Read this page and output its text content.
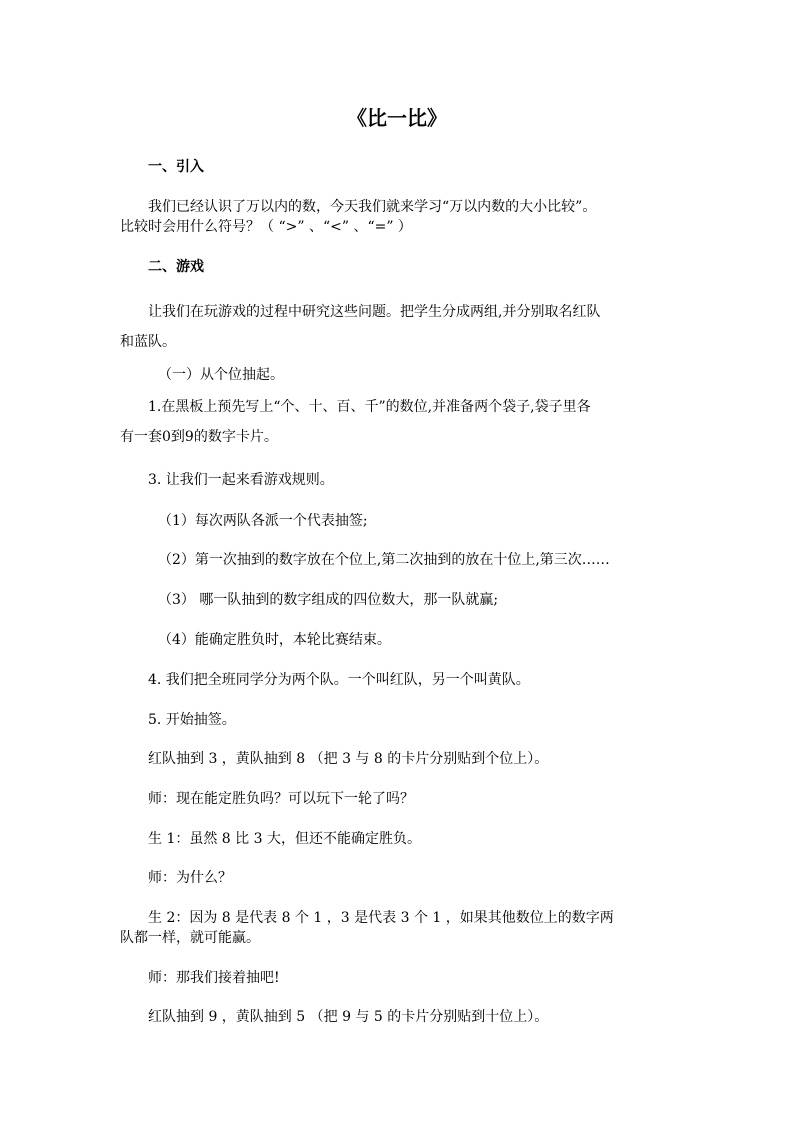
《比一比》
一、引入
我们已经认识了万以内的数，今天我们就来学习“万以内数的大小比较”。
比较时会用什么符号？（ “>” 、“<” 、“=” ）
二、游戏
让我们在玩游戏的过程中研究这些问题。把学生分成两组,并分别取名红队
和蓝队。
（一）从个位抽起。
1.在黑板上预先写上“个、十、百、千”的数位,并准备两个袋子,袋子里各
有一套0到9的数字卡片。
3. 让我们一起来看游戏规则。
（1）每次两队各派一个代表抽签;
（2）第一次抽到的数字放在个位上,第二次抽到的放在十位上,第三次……
（3） 哪一队抽到的数字组成的四位数大，那一队就赢;
（4）能确定胜负时，本轮比赛结束。
4. 我们把全班同学分为两个队。一个叫红队，另一个叫黄队。
5. 开始抽签。
红队抽到 3 ，黄队抽到 8 （把 3 与 8 的卡片分别贴到个位上）。
师：现在能定胜负吗？可以玩下一轮了吗？
生 1：虽然 8 比 3 大，但还不能确定胜负。
师：为什么？
生 2：因为 8 是代表 8 个 1 ，3 是代表 3 个 1 ，如果其他数位上的数字两
队都一样，就可能赢。
师：那我们接着抽吧!
红队抽到 9 ，黄队抽到 5 （把 9 与 5 的卡片分别贴到十位上）。
